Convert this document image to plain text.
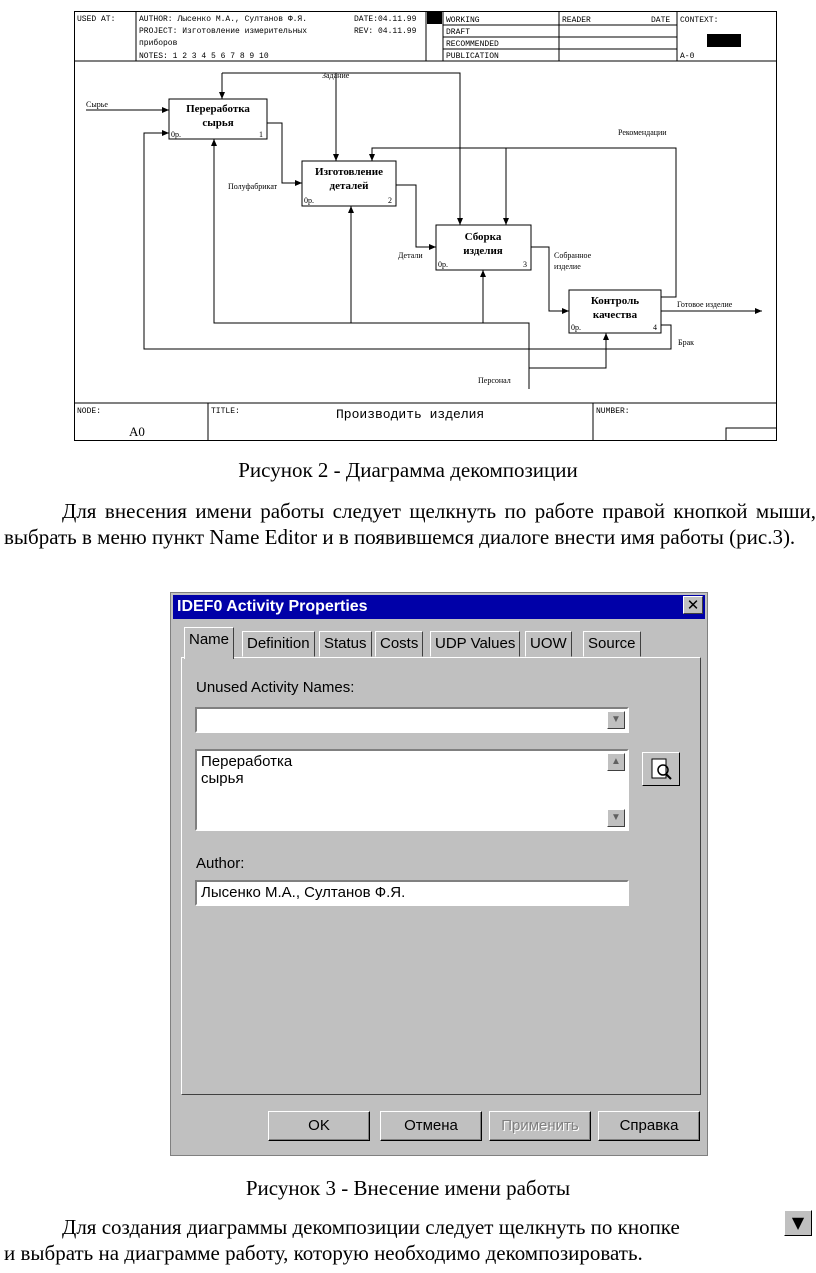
USED AT:	AUTHOR: Лысенко М.А., Султанов Ф.Я.	DATE:04.11.99
PROJECT: Изготовление измерительных
приборов
REV: 04.11.99
NOTES: 1 2 3 4 5 6 7 8 9 10
WORKING
DRAFT
RECOMMENDED
PUBLICATION
READER	DATE CONTEXT:
A-0
Переработка
сырья
0р.	1
Изготовление
деталей
0р.	2
Сборка
изделия
0р.	3
Контроль
качества
0р.	4
Сырье
Задание
Рекомендации
Полуфабрикат
Детали	Собранное
изделие
Готовое изделие
Брак
Персонал
NODE:
A0
TITLE:	Производить изделия	NUMBER:
Рисунок 2 - Диаграмма декомпозиции
Для внесения имени работы следует щелкнуть по работе правой кнопкой мыши, выбрать в меню пункт Name Editor и в появившемся диалоге внести имя работы (рис.3).
IDEF0 Activity Properties	✕
Name	Definition Status Costs	UDP Values UOW	Source
Unused Activity Names:
▼
Переработка
сырья
▲
▼
Author:
Лысенко М.А., Султанов Ф.Я.
OK	Отмена	Применить	Справка
Рисунок 3 - Внесение имени работы
Для создания диаграммы декомпозиции следует щелкнуть по кнопке	▼
и выбрать на диаграмме работу, которую необходимо декомпозировать.
